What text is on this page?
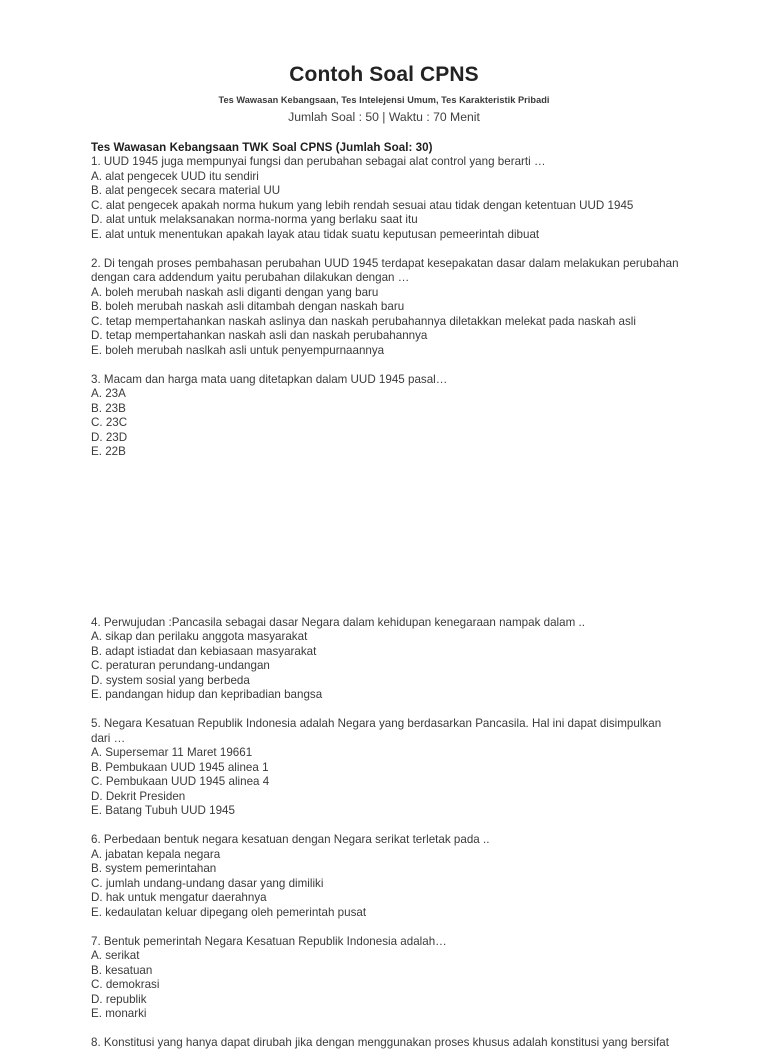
Contoh Soal CPNS

Tes Wawasan Kebangsaan, Tes Intelejensi Umum, Tes Karakteristik Pribadi

Jumlah Soal : 50 | Waktu : 70 Menit

Tes Wawasan Kebangsaan TWK Soal CPNS (Jumlah Soal: 30)
1. UUD 1945 juga mempunyai fungsi dan perubahan sebagai alat control yang berarti …
A. alat pengecek UUD itu sendiri
B. alat pengecek secara material UU
C. alat pengecek apakah norma hukum yang lebih rendah sesuai atau tidak dengan ketentuan UUD 1945
D. alat untuk melaksanakan norma-norma yang berlaku saat itu
E. alat untuk menentukan apakah layak atau tidak suatu keputusan pemeerintah dibuat
2. Di tengah proses pembahasan perubahan UUD 1945 terdapat kesepakatan dasar dalam melakukan perubahan dengan cara addendum yaitu perubahan dilakukan dengan …
A. boleh merubah naskah asli diganti dengan yang baru
B. boleh merubah naskah asli ditambah dengan naskah baru
C. tetap mempertahankan naskah aslinya dan naskah perubahannya diletakkan melekat pada naskah asli
D. tetap mempertahankan naskah asli dan naskah perubahannya
E. boleh merubah naslkah asli untuk penyempurnaannya
3. Macam dan harga mata uang ditetapkan dalam UUD 1945 pasal…
A. 23A
B. 23B
C. 23C
D. 23D
E. 22B
4. Perwujudan :Pancasila sebagai dasar Negara dalam kehidupan kenegaraan nampak dalam ..
A. sikap dan perilaku anggota masyarakat
B. adapt istiadat dan kebiasaan masyarakat
C. peraturan perundang-undangan
D. system sosial yang berbeda
E. pandangan hidup dan kepribadian bangsa
5. Negara Kesatuan Republik Indonesia adalah Negara yang berdasarkan Pancasila. Hal ini dapat disimpulkan dari …
A. Supersemar 11 Maret 19661
B. Pembukaan UUD 1945 alinea 1
C. Pembukaan UUD 1945 alinea 4
D. Dekrit Presiden
E. Batang Tubuh UUD 1945
6. Perbedaan bentuk negara kesatuan dengan Negara serikat terletak pada ..
A. jabatan kepala negara
B. system pemerintahan
C. jumlah undang-undang dasar yang dimiliki
D. hak untuk mengatur daerahnya
E. kedaulatan keluar dipegang oleh pemerintah pusat
7. Bentuk pemerintah Negara Kesatuan Republik Indonesia adalah…
A. serikat
B. kesatuan
C. demokrasi
D. republik
E. monarki
8. Konstitusi yang hanya dapat dirubah jika dengan menggunakan proses khusus adalah konstitusi yang bersifat
